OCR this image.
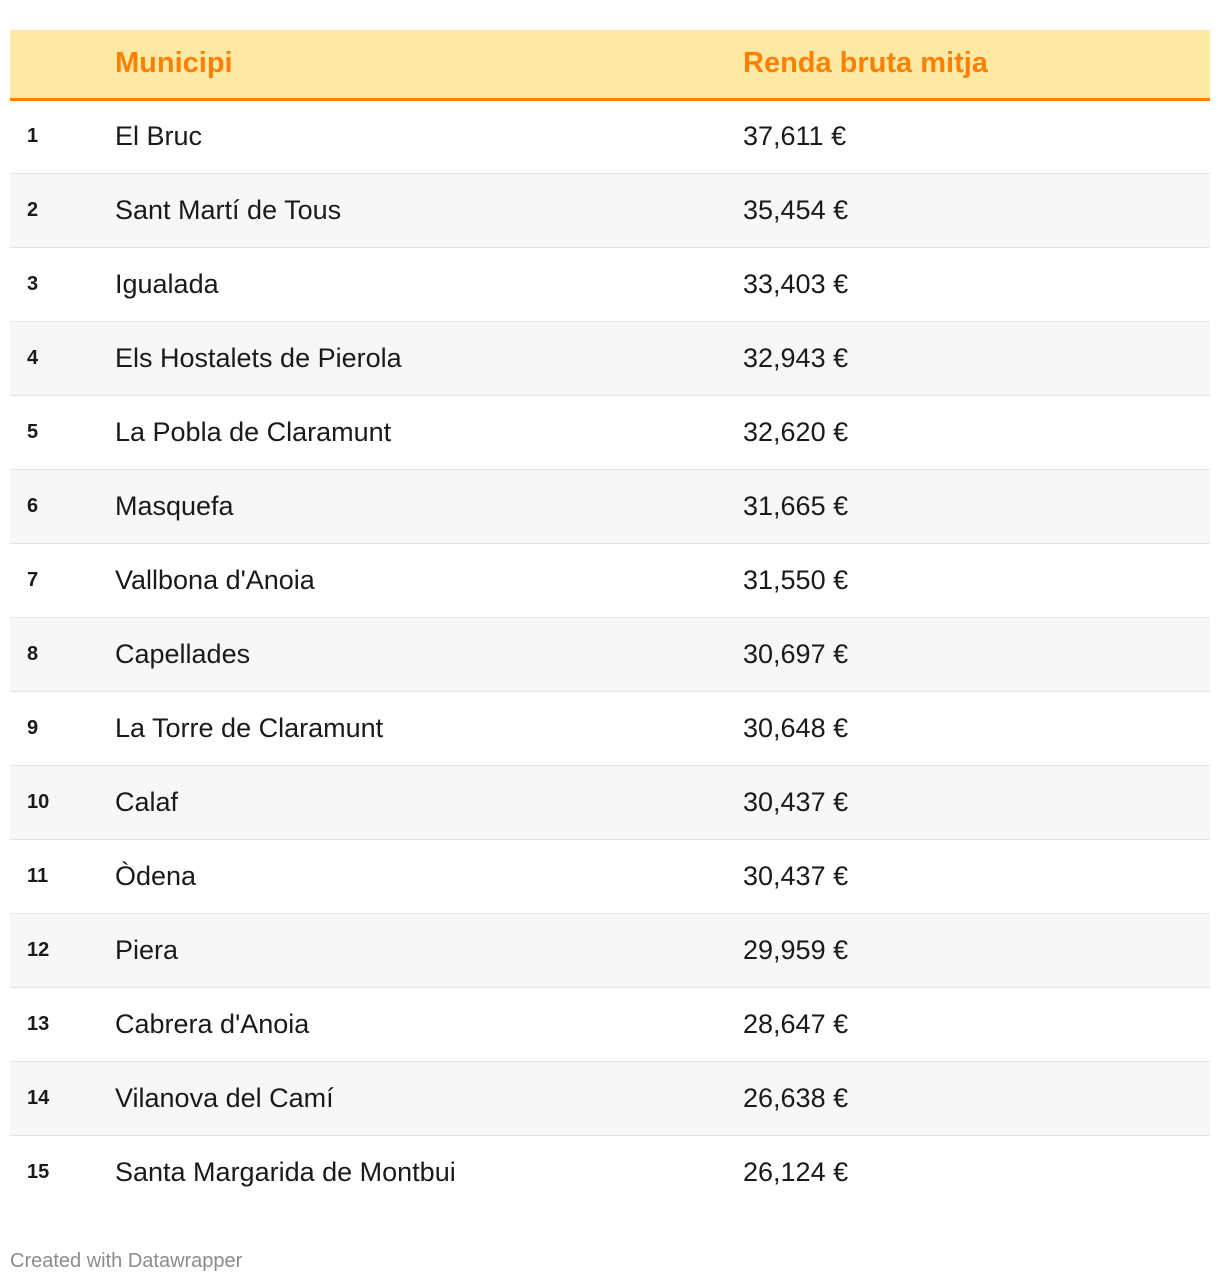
	Municipi	Renda bruta mitja
1	El Bruc	37,611 €
2	Sant Martí de Tous	35,454 €
3	Igualada	33,403 €
4	Els Hostalets de Pierola	32,943 €
5	La Pobla de Claramunt	32,620 €
6	Masquefa	31,665 €
7	Vallbona d'Anoia	31,550 €
8	Capellades	30,697 €
9	La Torre de Claramunt	30,648 €
10	Calaf	30,437 €
11	Òdena	30,437 €
12	Piera	29,959 €
13	Cabrera d'Anoia	28,647 €
14	Vilanova del Camí	26,638 €
15	Santa Margarida de Montbui	26,124 €
Created with Datawrapper
